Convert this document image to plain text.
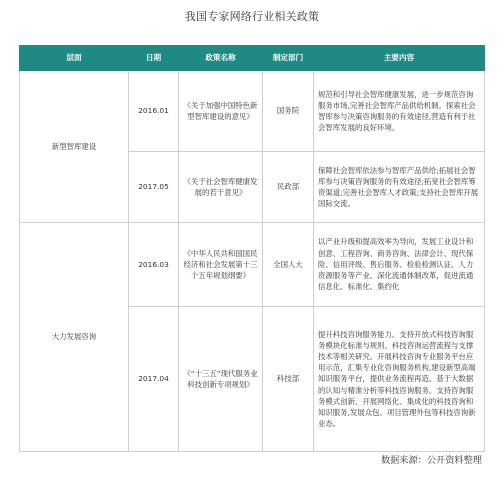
我国专家网络行业相关政策
层面	日期	政策名称	制定部门	主要内容
新型智库建设	2016.01	《关于加强中国特色新型智库建设的意见》	国务院	规范和引导社会智库健康发展，进一步规范咨询服务市场,完善社会智库产品供给机制。探索社会智库参与决策咨询服务的有效途径,营造有利于社会智库发展的良好环境。
	2017.05	《关于社会智库健康发展的若干意见》	民政部	保障社会智库依法参与智库产品供给;拓展社会智库参与决策咨询服务的有效途径;拓宽社会智库筹资渠道;完善社会智库人才政策;支持社会智库开展国际交流。
大力发展咨询	2016.03	《中华人民共和国国民经济和社会发展第十三个五年规划纲要》	全国人大	以产业升级和提高效率为导向，发展工业设计和创意、工程咨询、商务咨询、法律会计、现代保险、信用评级、售后服务、检验检测认证、人力资源服务等产业。深化流通体制改革，促进流通信息化、标准化、集约化
	2017.04	《“十三五”现代服务业科技创新专项规划》	科技部	提升科技咨询服务能力。支持开放式科技咨询服务模块化标准与规则、科技咨询运营流程与支撑技术等相关研究。开展科技咨询专业服务平台应用示范，汇集专业化咨询服务机构,建设新型高端知识服务平台，提供业务流程再造、基于大数据的认知与精准分析等科技咨询服务。支持咨询服务模式创新、开展网络化、集成化的科技咨询和知识服务,发展众包、项目管理外包等科技咨询新业态。
数据来源：公开资料整理
